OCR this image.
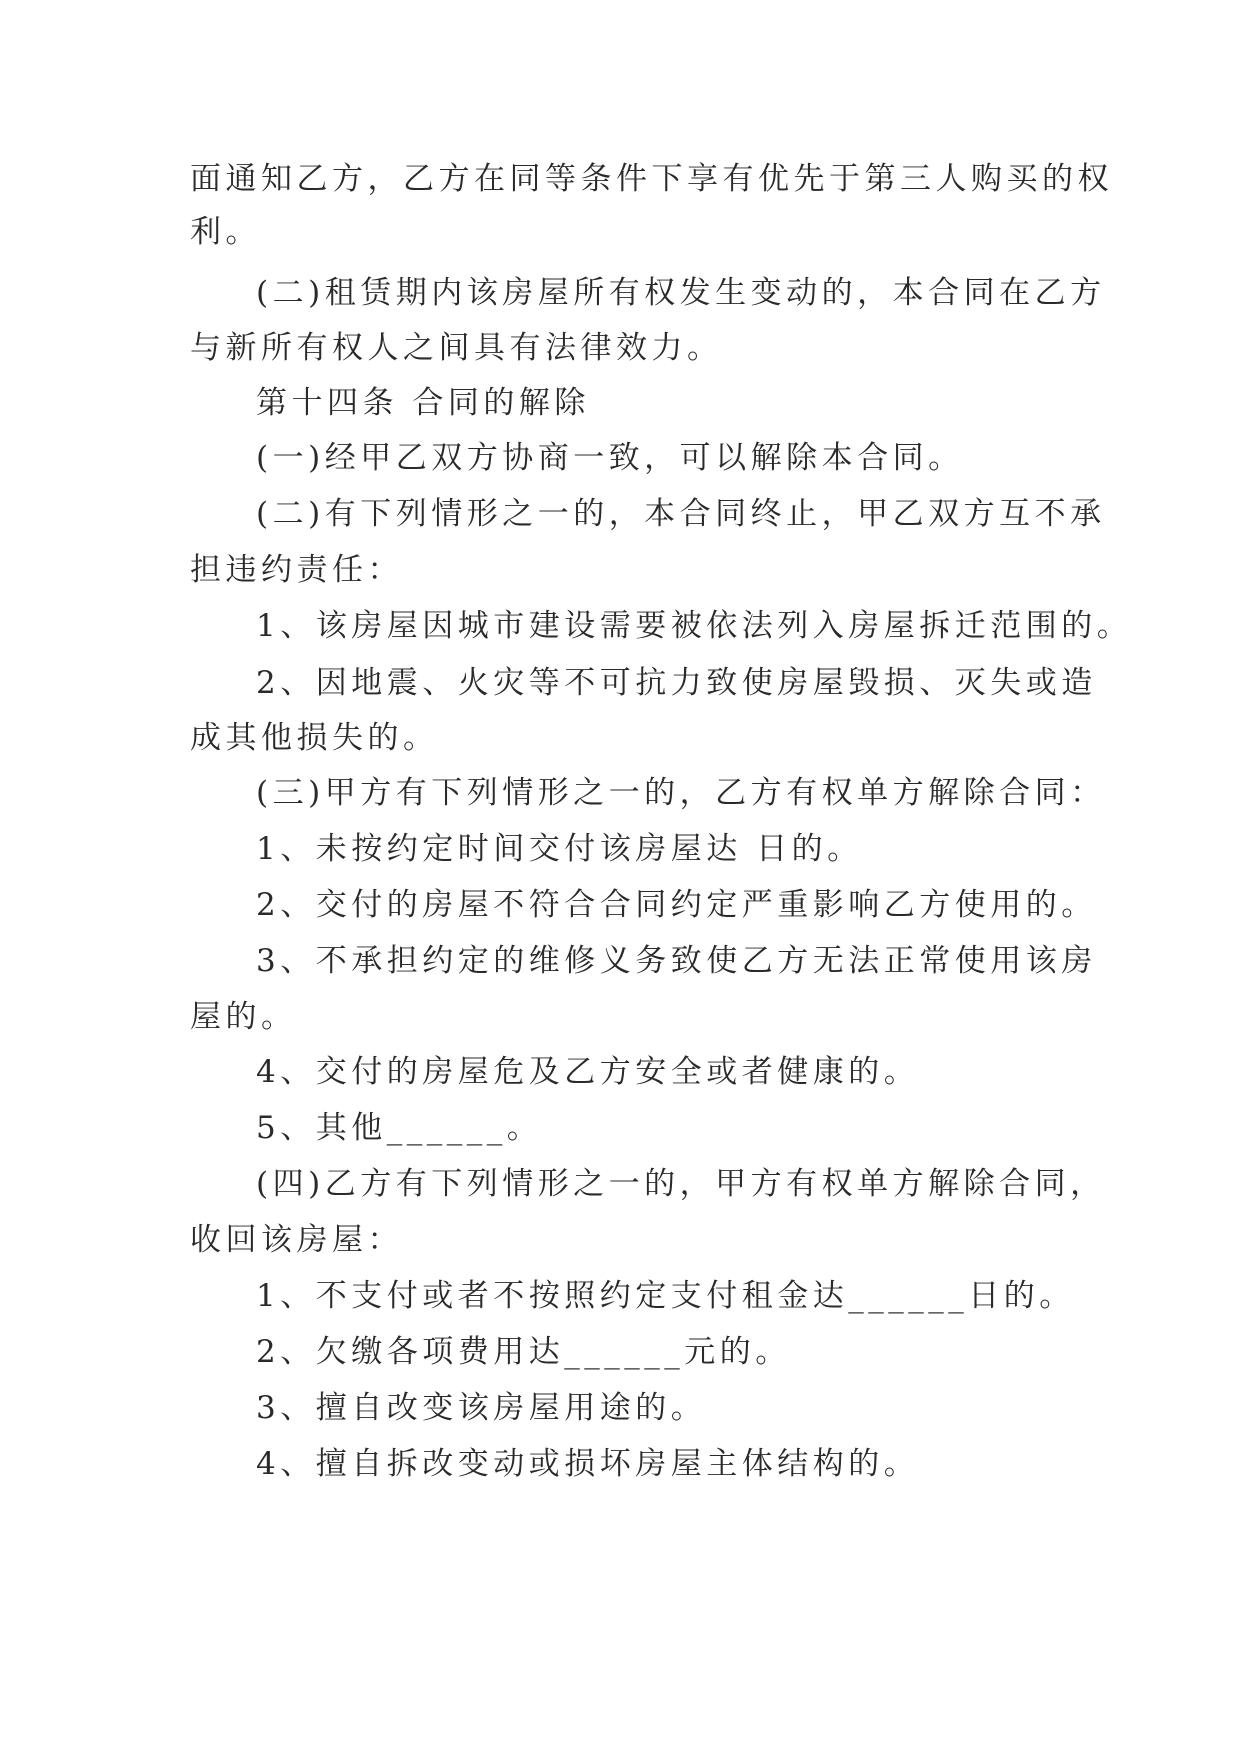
面通知乙方，乙方在同等条件下享有优先于第三人购买的权
利。
(二)租赁期内该房屋所有权发生变动的，本合同在乙方
与新所有权人之间具有法律效力。
第十四条 合同的解除
(一)经甲乙双方协商一致，可以解除本合同。
(二)有下列情形之一的，本合同终止，甲乙双方互不承
担违约责任：
1、该房屋因城市建设需要被依法列入房屋拆迁范围的。
2、因地震、火灾等不可抗力致使房屋毁损、灭失或造
成其他损失的。
(三)甲方有下列情形之一的，乙方有权单方解除合同：
1、未按约定时间交付该房屋达 日的。
2、交付的房屋不符合合同约定严重影响乙方使用的。
3、不承担约定的维修义务致使乙方无法正常使用该房
屋的。
4、交付的房屋危及乙方安全或者健康的。
5、其他______。
(四)乙方有下列情形之一的，甲方有权单方解除合同，
收回该房屋：
1、不支付或者不按照约定支付租金达______日的。
2、欠缴各项费用达______元的。
3、擅自改变该房屋用途的。
4、擅自拆改变动或损坏房屋主体结构的。
